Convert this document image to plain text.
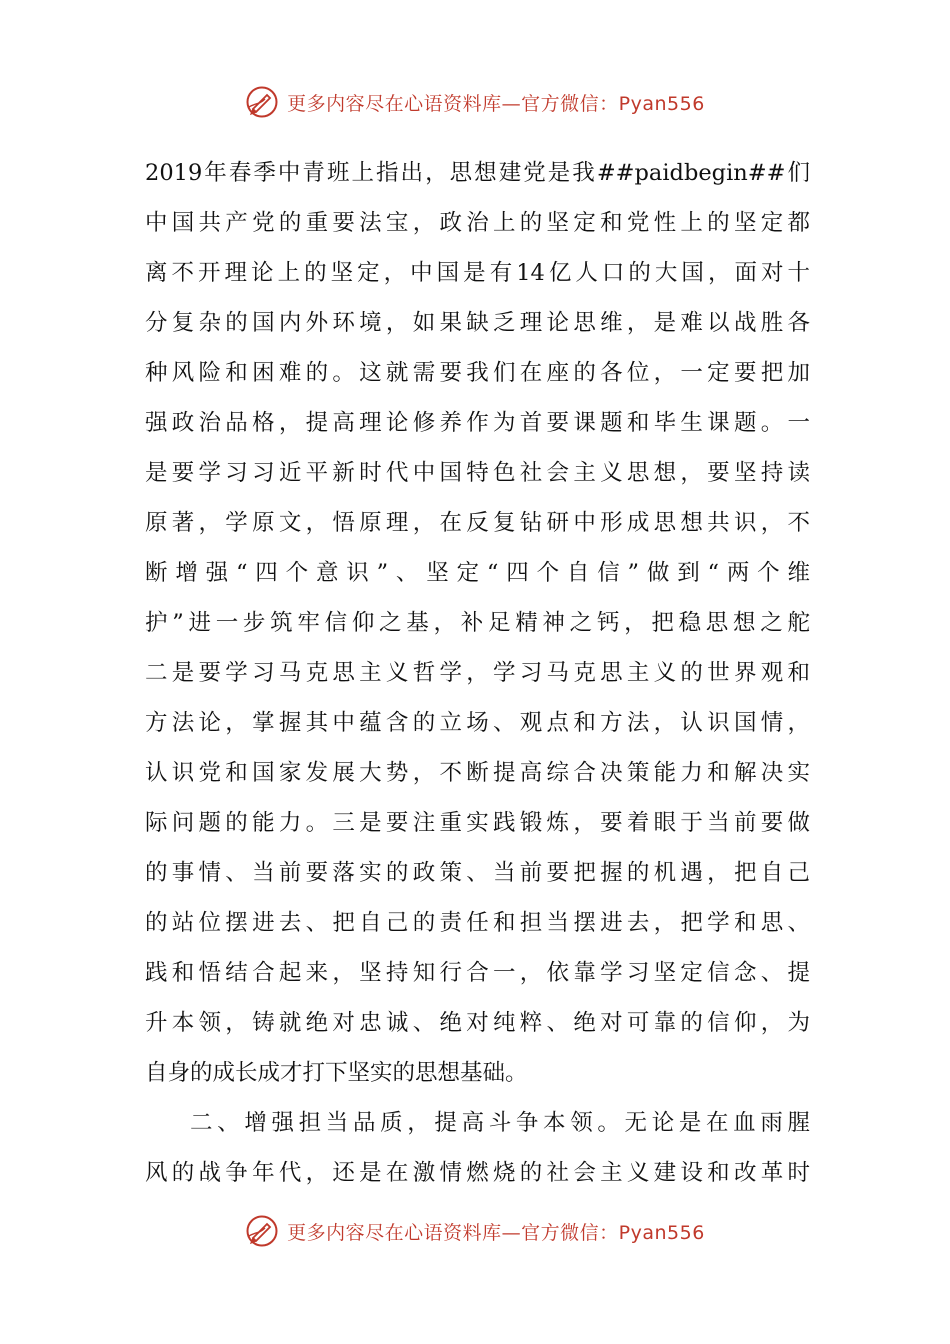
更多内容尽在心语资料库—官方微信：Pyan556
2019年春季中青班上指出，思想建党是我##paidbegin##们
中国共产党的重要法宝，政治上的坚定和党性上的坚定都
离不开理论上的坚定，中国是有14亿人口的大国，面对十
分复杂的国内外环境，如果缺乏理论思维，是难以战胜各
种风险和困难的。这就需要我们在座的各位，一定要把加
强政治品格，提高理论修养作为首要课题和毕生课题。一
是要学习习近平新时代中国特色社会主义思想，要坚持读
原著，学原文，悟原理，在反复钻研中形成思想共识，不
断增强“四个意识”、坚定“四个自信”做到“两个维
护”进一步筑牢信仰之基，补足精神之钙，把稳思想之舵
二是要学习马克思主义哲学，学习马克思主义的世界观和
方法论，掌握其中蕴含的立场、观点和方法，认识国情，
认识党和国家发展大势，不断提高综合决策能力和解决实
际问题的能力。三是要注重实践锻炼，要着眼于当前要做
的事情、当前要落实的政策、当前要把握的机遇，把自己
的站位摆进去、把自己的责任和担当摆进去，把学和思、
践和悟结合起来，坚持知行合一，依靠学习坚定信念、提
升本领，铸就绝对忠诚、绝对纯粹、绝对可靠的信仰，为
自身的成长成才打下坚实的思想基础。
二、增强担当品质，提高斗争本领。无论是在血雨腥
风的战争年代，还是在激情燃烧的社会主义建设和改革时
更多内容尽在心语资料库—官方微信：Pyan556
